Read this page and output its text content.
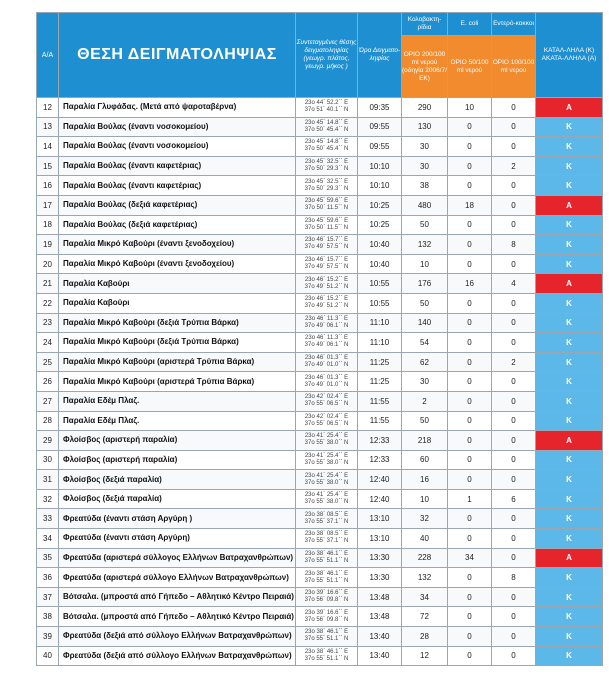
Α/Α	ΘΕΣΗ ΔΕΙΓΜΑΤΟΛΗΨΙΑΣ	Συντεταγμένες θέσης δειγματοληψίας (γεωγρ. πλάτος, γεωγρ. μήκος )	Ώρα Δειγματο-ληψίας	Κολοβακτη-ρίδια	E. coli	Εντερό-κοκκοι	ΚΑΤΑΛ-ΛΗΛΑ (Κ) ΑΚΑΤΑ-ΛΛΗΛΑ (Α)
				ΟΡΙΟ 200/100 ml νερού (οδηγία 2006/7/ΕΚ)	ΟΡΙΟ 50/100 ml νερού	ΟΡΙΟ 100/100 ml νερού	
12	Παραλία Γλυφάδας. (Μετά από ψαροταβέρνα)	23ο 44΄ 52.2΄΄ Ε
37ο 51΄ 40.1΄΄ Ν	09:35	290	10	0	Α
13	Παραλία Βούλας (έναντι νοσοκομείου)	23ο 45΄ 14.8΄΄ Ε
37ο 50΄ 45.4΄΄ Ν	09:55	130	0	0	Κ
14	Παραλία Βούλας (έναντι νοσοκομείου)	23ο 45΄ 14.8΄΄ Ε
37ο 50΄ 45.4΄΄ Ν	09:55	30	0	0	Κ
15	Παραλία Βούλας (έναντι καφετέριας)	23ο 45΄ 32.5΄΄ Ε
37ο 50΄ 29.3΄΄ Ν	10:10	30	0	2	Κ
16	Παραλία Βούλας (έναντι καφετέριας)	23ο 45΄ 32.5΄΄ Ε
37ο 50΄ 29.3΄΄ Ν	10:10	38	0	0	Κ
17	Παραλία Βούλας (δεξιά καφετέριας)	23ο 45΄ 59.6΄΄ Ε
37ο 50΄ 11.5΄΄ Ν	10:25	480	18	0	Α
18	Παραλία Βούλας (δεξιά καφετέριας)	23ο 45΄ 59.6΄΄ Ε
37ο 50΄ 11.5΄΄ Ν	10:25	50	0	0	Κ
19	Παραλία Μικρό Καβούρι (έναντι ξενοδοχείου)	23ο 46΄ 15.7΄΄ Ε
37ο 49΄ 57.5΄΄ Ν	10:40	132	0	8	Κ
20	Παραλία Μικρό Καβούρι (έναντι ξενοδοχείου)	23ο 46΄ 15.7΄΄ Ε
37ο 49΄ 57.5΄΄ Ν	10:40	10	0	0	Κ
21	Παραλία Καβούρι	23ο 46΄ 15.2΄΄ Ε
37ο 49΄ 51.2΄΄ Ν	10:55	176	16	4	Α
22	Παραλία Καβούρι	23ο 46΄ 15.2΄΄ Ε
37ο 49΄ 51.2΄΄ Ν	10:55	50	0	0	Κ
23	Παραλία Μικρό Καβούρι (δεξιά Τρύπια Βάρκα)	23ο 46΄ 11.3΄΄ Ε
37ο 49΄ 06.1΄΄ Ν	11:10	140	0	0	Κ
24	Παραλία Μικρό Καβούρι (δεξιά Τρύπια Βάρκα)	23ο 46΄ 11.3΄΄ Ε
37ο 49΄ 06.1΄΄ Ν	11:10	54	0	0	Κ
25	Παραλία Μικρό Καβούρι (αριστερά Τρύπια Βάρκα)	23ο 46΄ 01.3΄΄ Ε
37ο 49΄ 01.0΄΄ Ν	11:25	62	0	2	Κ
26	Παραλία Μικρό Καβούρι (αριστερά Τρύπια Βάρκα)	23ο 46΄ 01.3΄΄ Ε
37ο 49΄ 01.0΄΄ Ν	11:25	30	0	0	Κ
27	Παραλία Εδέμ Πλαζ.	23ο 42΄ 02.4΄΄ Ε
37ο 55΄ 06.5΄΄ Ν	11:55	2	0	0	Κ
28	Παραλία Εδέμ Πλαζ.	23ο 42΄ 02.4΄΄ Ε
37ο 55΄ 06.5΄΄ Ν	11:55	50	0	0	Κ
29	Φλοίσβος (αριστερή παραλία)	23ο 41΄ 25.4΄΄ Ε
37ο 55΄ 38.0΄΄ Ν	12:33	218	0	0	Α
30	Φλοίσβος (αριστερή παραλία)	23ο 41΄ 25.4΄΄ Ε
37ο 55΄ 38.0΄΄ Ν	12:33	60	0	0	Κ
31	Φλοίσβος (δεξιά παραλία)	23ο 41΄ 25.4΄΄ Ε
37ο 55΄ 38.0΄΄ Ν	12:40	16	0	0	Κ
32	Φλοίσβος (δεξιά παραλία)	23ο 41΄ 25.4΄΄ Ε
37ο 55΄ 38.0΄΄ Ν	12:40	10	1	6	Κ
33	Φρεατύδα (έναντι στάση Αργύρη )	23ο 38΄ 08.5΄΄ Ε
37ο 55΄ 37.1΄΄ Ν	13:10	32	0	0	Κ
34	Φρεατύδα (έναντι στάση Αργύρη)	23ο 38΄ 08.5΄΄ Ε
37ο 55΄ 37.1΄΄ Ν	13:10	40	0	0	Κ
35	Φρεατύδα (αριστερά σύλλογος Ελλήνων Βατραχανθρώπων)	23ο 38΄ 46.1΄΄ Ε
37ο 55΄ 51.1΄΄ Ν	13:30	228	34	0	Α
36	Φρεατύδα (αριστερά σύλλογο Ελλήνων Βατραχανθρώπων)	23ο 38΄ 46.1΄΄ Ε
37ο 55΄ 51.1΄΄ Ν	13:30	132	0	8	Κ
37	Βότσαλα. (μπροστά από Γήπεδο – Αθλητικό Κέντρο Πειραιά)	23ο 39΄ 16.6΄΄ Ε
37ο 56΄ 09.8΄΄ Ν	13:48	34	0	0	Κ
38	Βότσαλα. (μπροστά από Γήπεδο – Αθλητικό Κέντρο Πειραιά)	23ο 39΄ 16.6΄΄ Ε
37ο 56΄ 09.8΄΄ Ν	13:48	72	0	0	Κ
39	Φρεατύδα (δεξιά από σύλλογο Ελλήνων Βατραχανθρώπων)	23ο 38΄ 46.1΄΄ Ε
37ο 55΄ 51.1΄΄ Ν	13:40	28	0	0	Κ
40	Φρεατύδα (δεξιά από σύλλογο Ελλήνων Βατραχανθρώπων)	23ο 38΄ 46.1΄΄ Ε
37ο 55΄ 51.1΄΄ Ν	13:40	12	0	0	Κ
